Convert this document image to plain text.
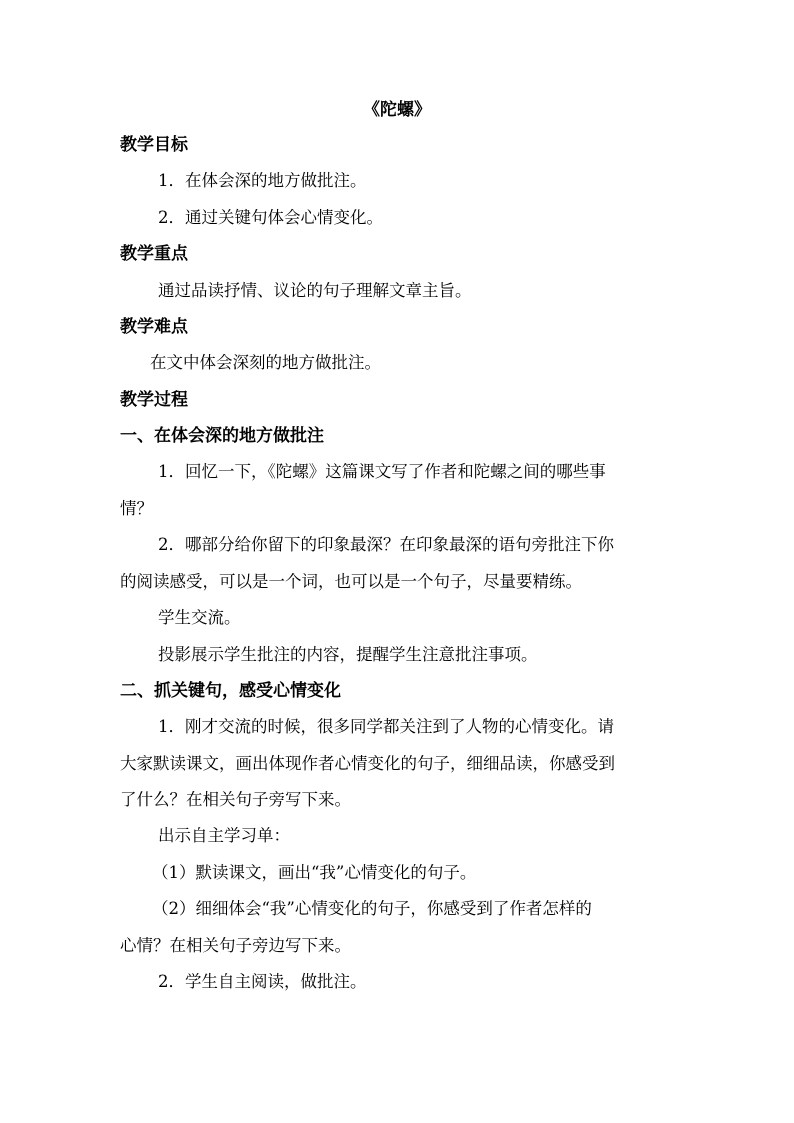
《陀螺》
教学目标
1．在体会深的地方做批注。
2．通过关键句体会心情变化。
教学重点
通过品读抒情、议论的句子理解文章主旨。
教学难点
在文中体会深刻的地方做批注。
教学过程
一、在体会深的地方做批注
1．回忆一下，《陀螺》这篇课文写了作者和陀螺之间的哪些事
情？
2．哪部分给你留下的印象最深？在印象最深的语句旁批注下你
的阅读感受，可以是一个词，也可以是一个句子，尽量要精练。
学生交流。
投影展示学生批注的内容，提醒学生注意批注事项。
二、抓关键句，感受心情变化
1．刚才交流的时候，很多同学都关注到了人物的心情变化。请
大家默读课文，画出体现作者心情变化的句子，细细品读，你感受到
了什么？在相关句子旁写下来。
出示自主学习单：
（1）默读课文，画出“我”心情变化的句子。
（2）细细体会“我”心情变化的句子，你感受到了作者怎样的
心情？在相关句子旁边写下来。
2．学生自主阅读，做批注。
